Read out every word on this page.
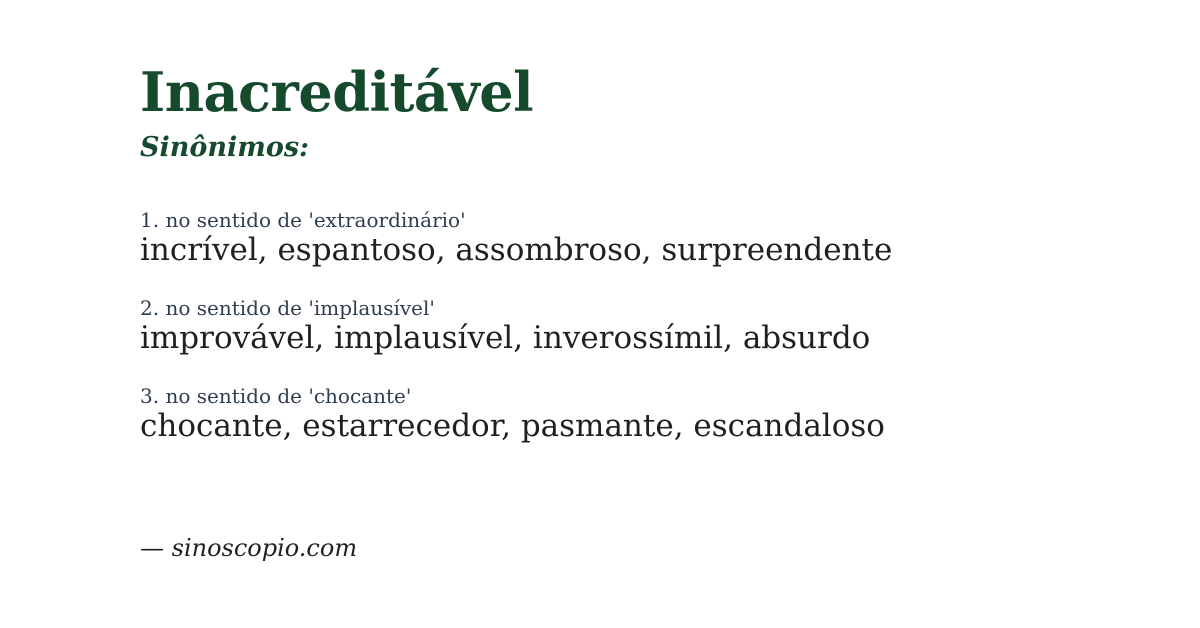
Inacreditável
Sinônimos:
1. no sentido de 'extraordinário'
incrível, espantoso, assombroso, surpreendente
2. no sentido de 'implausível'
improvável, implausível, inverossímil, absurdo
3. no sentido de 'chocante'
chocante, estarrecedor, pasmante, escandaloso
— sinoscopio.com
